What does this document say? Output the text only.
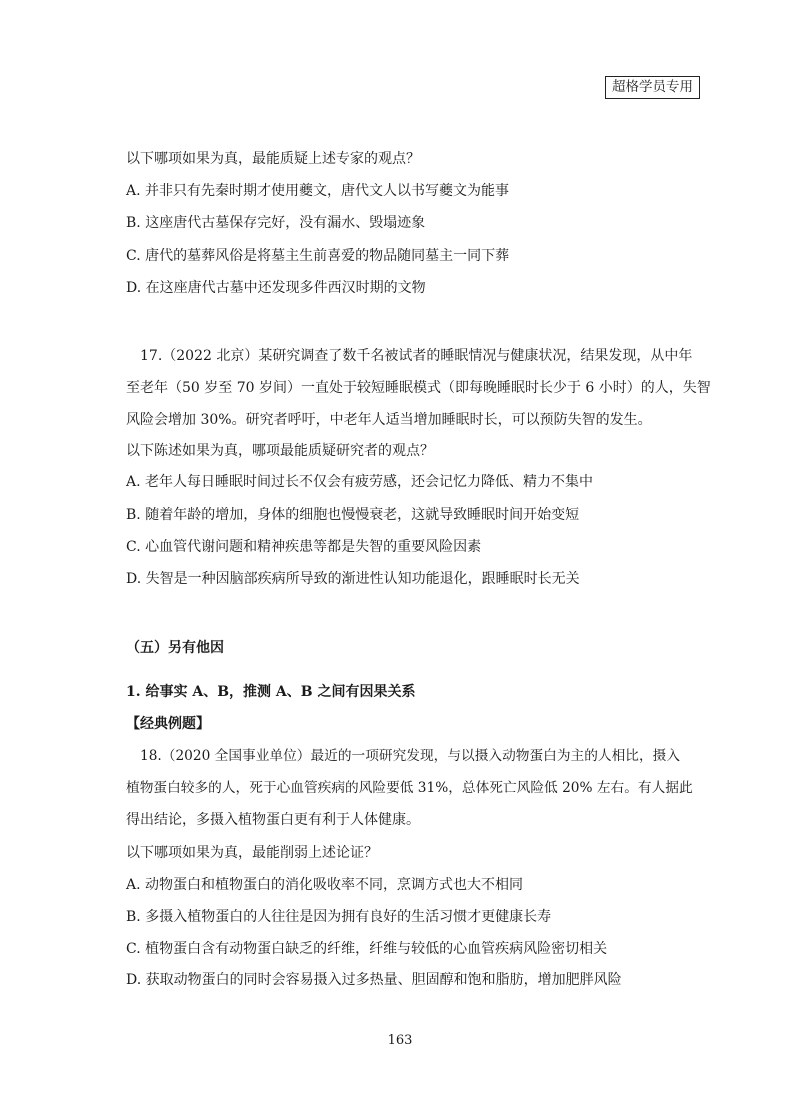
超格学员专用
以下哪项如果为真，最能质疑上述专家的观点？
A. 并非只有先秦时期才使用夔文，唐代文人以书写夔文为能事
B. 这座唐代古墓保存完好，没有漏水、毁塌迹象
C. 唐代的墓葬风俗是将墓主生前喜爱的物品随同墓主一同下葬
D. 在这座唐代古墓中还发现多件西汉时期的文物
17.（2022 北京）某研究调查了数千名被试者的睡眠情况与健康状况，结果发现，从中年
至老年（50 岁至 70 岁间）一直处于较短睡眠模式（即每晚睡眠时长少于 6 小时）的人，失智
风险会增加 30%。研究者呼吁，中老年人适当增加睡眠时长，可以预防失智的发生。
以下陈述如果为真，哪项最能质疑研究者的观点？
A. 老年人每日睡眠时间过长不仅会有疲劳感，还会记忆力降低、精力不集中
B. 随着年龄的增加，身体的细胞也慢慢衰老，这就导致睡眠时间开始变短
C. 心血管代谢问题和精神疾患等都是失智的重要风险因素
D. 失智是一种因脑部疾病所导致的渐进性认知功能退化，跟睡眠时长无关
（五）另有他因
1. 给事实 A、B，推测 A、B 之间有因果关系
【经典例题】
18.（2020 全国事业单位）最近的一项研究发现，与以摄入动物蛋白为主的人相比，摄入
植物蛋白较多的人，死于心血管疾病的风险要低 31%，总体死亡风险低 20% 左右。有人据此
得出结论，多摄入植物蛋白更有利于人体健康。
以下哪项如果为真，最能削弱上述论证？
A. 动物蛋白和植物蛋白的消化吸收率不同，烹调方式也大不相同
B. 多摄入植物蛋白的人往往是因为拥有良好的生活习惯才更健康长寿
C. 植物蛋白含有动物蛋白缺乏的纤维，纤维与较低的心血管疾病风险密切相关
D. 获取动物蛋白的同时会容易摄入过多热量、胆固醇和饱和脂肪，增加肥胖风险
163
